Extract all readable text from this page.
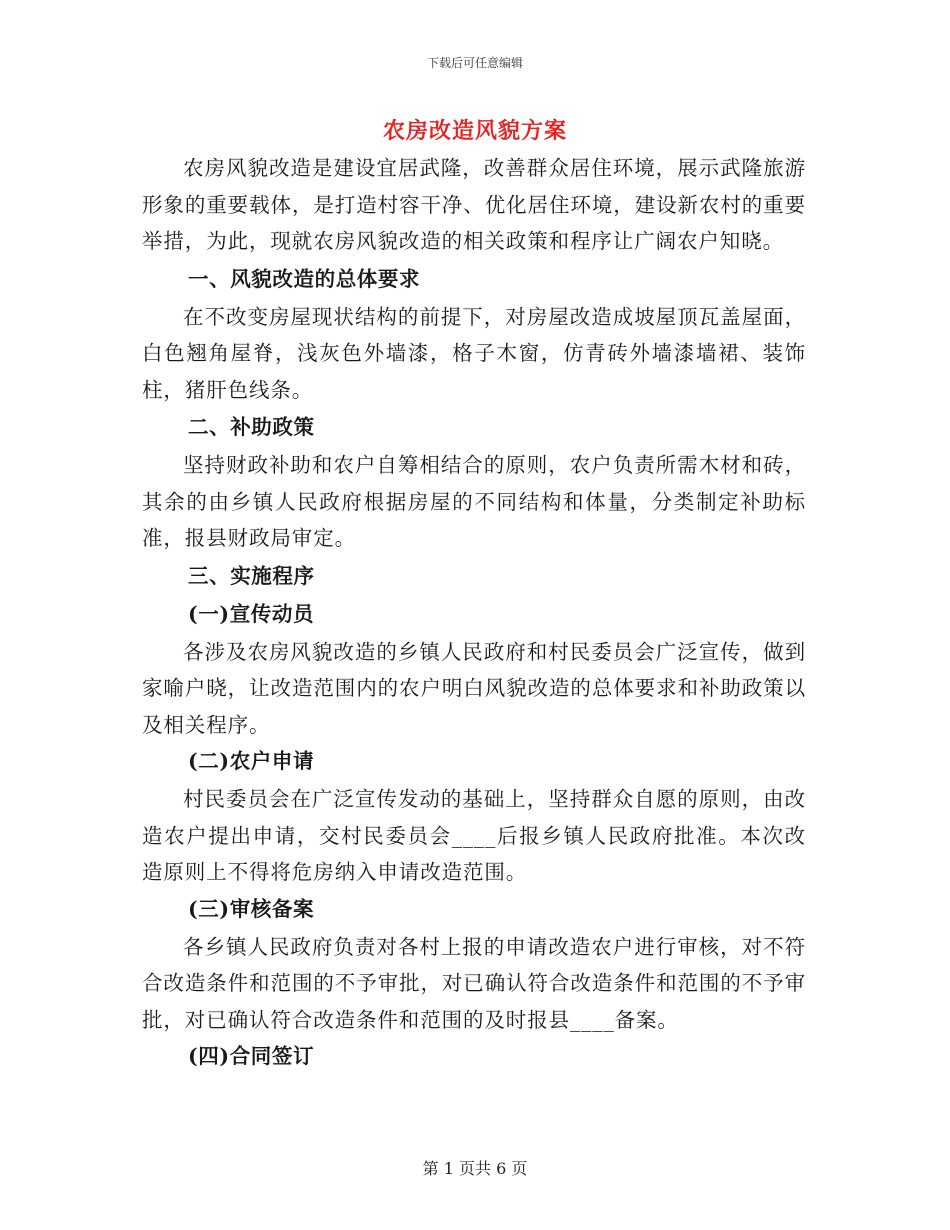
下载后可任意编辑
农房改造风貌方案

农房风貌改造是建设宜居武隆，改善群众居住环境，展示武隆旅游形象的重要载体，是打造村容干净、优化居住环境，建设新农村的重要举措，为此，现就农房风貌改造的相关政策和程序让广阔农户知晓。

一、风貌改造的总体要求

在不改变房屋现状结构的前提下，对房屋改造成坡屋顶瓦盖屋面，白色翘角屋脊，浅灰色外墙漆，格子木窗，仿青砖外墙漆墙裙、装饰柱，猪肝色线条。

二、补助政策

坚持财政补助和农户自筹相结合的原则，农户负责所需木材和砖，其余的由乡镇人民政府根据房屋的不同结构和体量，分类制定补助标准，报县财政局审定。

三、实施程序

(一)宣传动员

各涉及农房风貌改造的乡镇人民政府和村民委员会广泛宣传，做到家喻户晓，让改造范围内的农户明白风貌改造的总体要求和补助政策以及相关程序。

(二)农户申请

村民委员会在广泛宣传发动的基础上，坚持群众自愿的原则，由改造农户提出申请，交村民委员会____后报乡镇人民政府批准。本次改造原则上不得将危房纳入申请改造范围。

(三)审核备案

各乡镇人民政府负责对各村上报的申请改造农户进行审核，对不符合改造条件和范围的不予审批，对已确认符合改造条件和范围的不予审批，对已确认符合改造条件和范围的及时报县____备案。

(四)合同签订

第 1 页共 6 页
